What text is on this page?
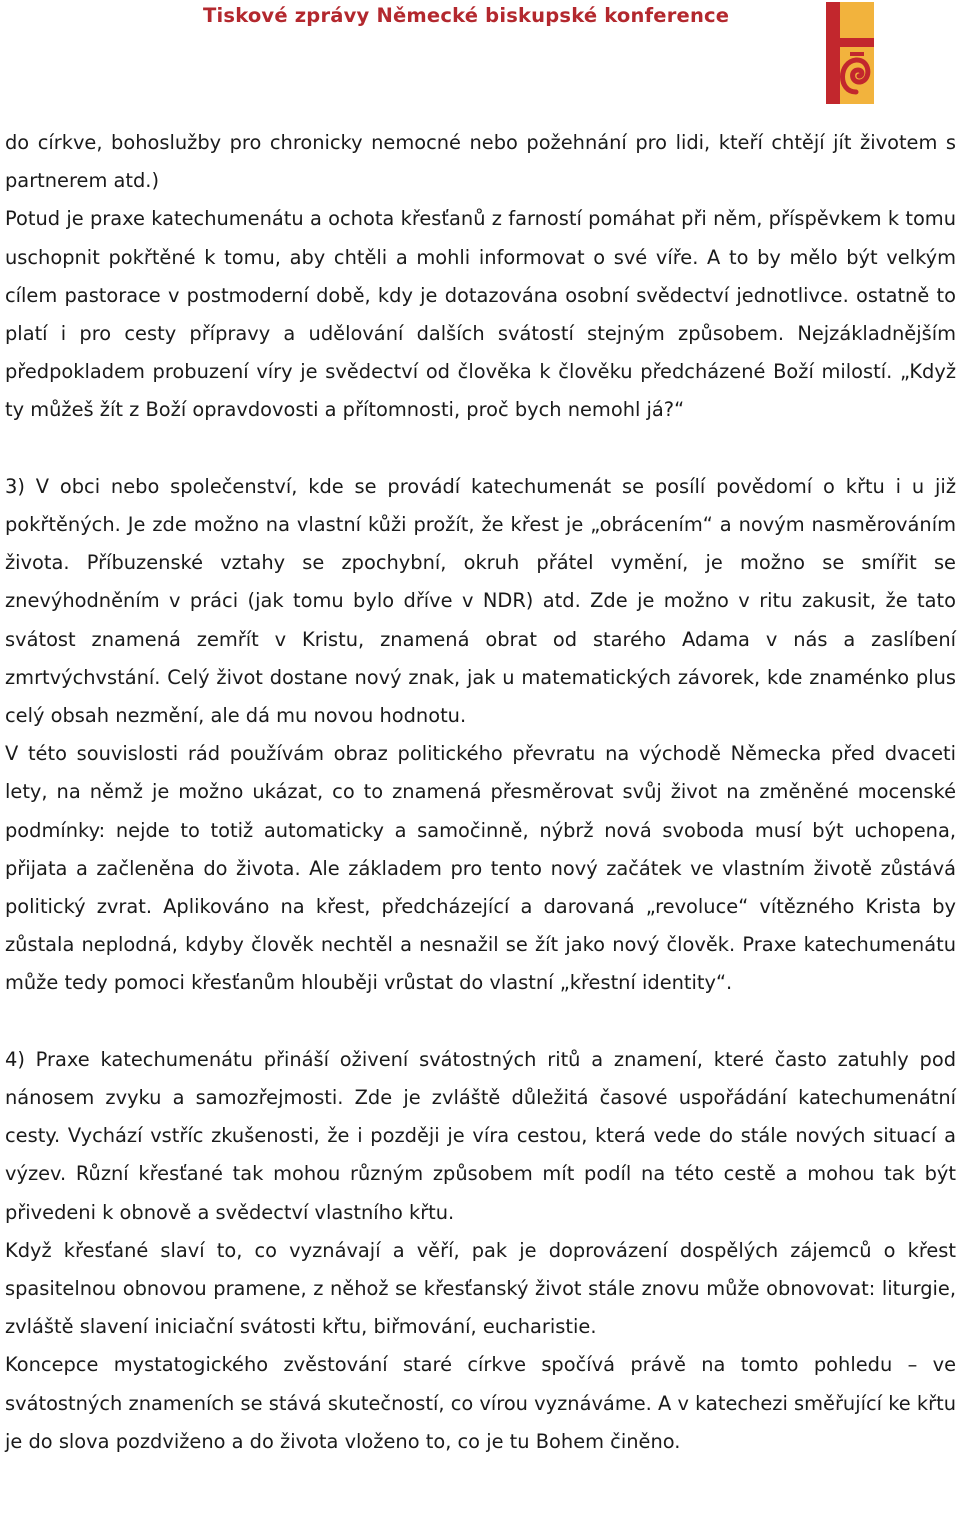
Tiskové zprávy Německé biskupské konference

do církve, bohoslužby pro chronicky nemocné nebo požehnání pro lidi, kteří chtějí jít životem s partnerem atd.)

Potud je praxe katechumenátu a ochota křesťanů z farností pomáhat při něm, příspěvkem k tomu uschopnit pokřtěné k tomu, aby chtěli a mohli informovat o své víře. A to by mělo být velkým cílem pastorace v postmoderní době, kdy je dotazována osobní svědectví jednotlivce. ostatně to platí i pro cesty přípravy a udělování dalších svátostí stejným způsobem. Nejzákladnějším předpokladem probuzení víry je svědectví od člověka k člověku předcházené Boží milostí. „Když ty můžeš žít z Boží opravdovosti a přítomnosti, proč bych nemohl já?“

3) V obci nebo společenství, kde se provádí katechumenát se posílí povědomí o křtu i u již pokřtěných. Je zde možno na vlastní kůži prožít, že křest je „obrácením“ a novým nasměrováním života. Příbuzenské vztahy se zpochybní, okruh přátel vymění, je možno se smířit se znevýhodněním v práci (jak tomu bylo dříve v NDR) atd. Zde je možno v ritu zakusit, že tato svátost znamená zemřít v Kristu, znamená obrat od starého Adama v nás a zaslíbení zmrtvýchvstání. Celý život dostane nový znak, jak u matematických závorek, kde znaménko plus celý obsah nezmění, ale dá mu novou hodnotu.

V této souvislosti rád používám obraz politického převratu na východě Německa před dvaceti lety, na němž je možno ukázat, co to znamená přesměrovat svůj život na změněné mocenské podmínky: nejde to totiž automaticky a samočinně, nýbrž nová svoboda musí být uchopena, přijata a začleněna do života. Ale základem pro tento nový začátek ve vlastním životě zůstává politický zvrat. Aplikováno na křest, předcházející a darovaná „revoluce“ vítězného Krista by zůstala neplodná, kdyby člověk nechtěl a nesnažil se žít jako nový člověk. Praxe katechumenátu může tedy pomoci křesťanům hlouběji vrůstat do vlastní „křestní identity“.

4) Praxe katechumenátu přináší oživení svátostných ritů a znamení, které často zatuhly pod nánosem zvyku a samozřejmosti. Zde je zvláště důležitá časové uspořádání katechumenátní cesty. Vychází vstříc zkušenosti, že i později je víra cestou, která vede do stále nových situací a výzev. Různí křesťané tak mohou různým způsobem mít podíl na této cestě a mohou tak být přivedeni k obnově a svědectví vlastního křtu.

Když křesťané slaví to, co vyznávají a věří, pak je doprovázení dospělých zájemců o křest spasitelnou obnovou pramene, z něhož se křesťanský život stále znovu může obnovovat: liturgie, zvláště slavení iniciační svátosti křtu, biřmování, eucharistie.

Koncepce mystatogického zvěstování staré církve spočívá právě na tomto pohledu – ve svátostných znameních se stává skutečností, co vírou vyznáváme. A v katechezi směřující ke křtu je do slova pozdviženo a do života vloženo to, co je tu Bohem činěno.
